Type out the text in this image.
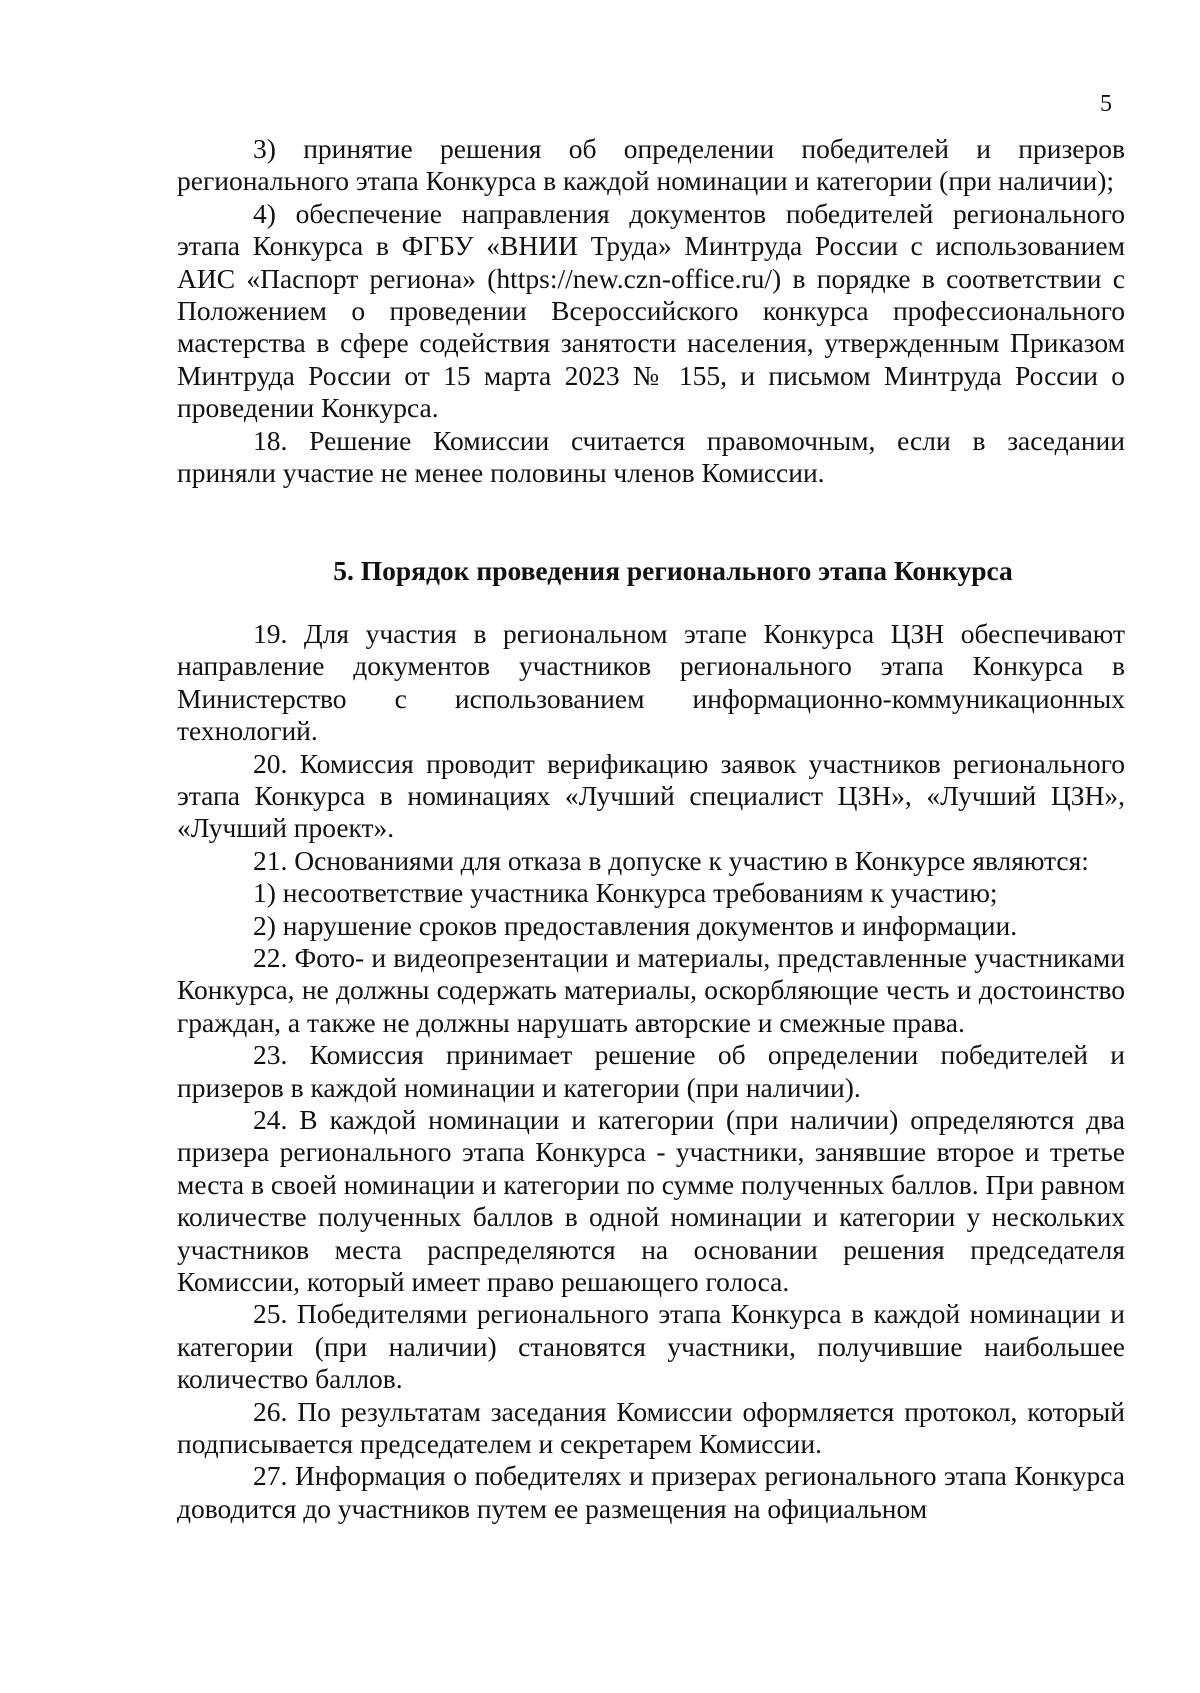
5

3) принятие решения об определении победителей и призеров регионального этапа Конкурса в каждой номинации и категории (при наличии);

4) обеспечение направления документов победителей регионального этапа Конкурса в ФГБУ «ВНИИ Труда» Минтруда России с использованием АИС «Паспорт региона» (https://new.czn-office.ru/) в порядке в соответствии с Положением о проведении Всероссийского конкурса профессионального мастерства в сфере содействия занятости населения, утвержденным Приказом Минтруда России от 15 марта 2023 № 155, и письмом Минтруда России о проведении Конкурса.

18. Решение Комиссии считается правомочным, если в заседании приняли участие не менее половины членов Комиссии.

5. Порядок проведения регионального этапа Конкурса

19. Для участия в региональном этапе Конкурса ЦЗН обеспечивают направление документов участников регионального этапа Конкурса в Министерство с использованием информационно-коммуникационных технологий.

20. Комиссия проводит верификацию заявок участников регионального этапа Конкурса в номинациях «Лучший специалист ЦЗН», «Лучший ЦЗН», «Лучший проект».

21. Основаниями для отказа в допуске к участию в Конкурсе являются:

1) несоответствие участника Конкурса требованиям к участию;

2) нарушение сроков предоставления документов и информации.

22. Фото- и видеопрезентации и материалы, представленные участниками Конкурса, не должны содержать материалы, оскорбляющие честь и достоинство граждан, а также не должны нарушать авторские и смежные права.

23. Комиссия принимает решение об определении победителей и призеров в каждой номинации и категории (при наличии).

24. В каждой номинации и категории (при наличии) определяются два призера регионального этапа Конкурса - участники, занявшие второе и третье места в своей номинации и категории по сумме полученных баллов. При равном количестве полученных баллов в одной номинации и категории у нескольких участников места распределяются на основании решения председателя Комиссии, который имеет право решающего голоса.

25. Победителями регионального этапа Конкурса в каждой номинации и категории (при наличии) становятся участники, получившие наибольшее количество баллов.

26. По результатам заседания Комиссии оформляется протокол, который подписывается председателем и секретарем Комиссии.

27. Информация о победителях и призерах регионального этапа Конкурса доводится до участников путем ее размещения на официальном
